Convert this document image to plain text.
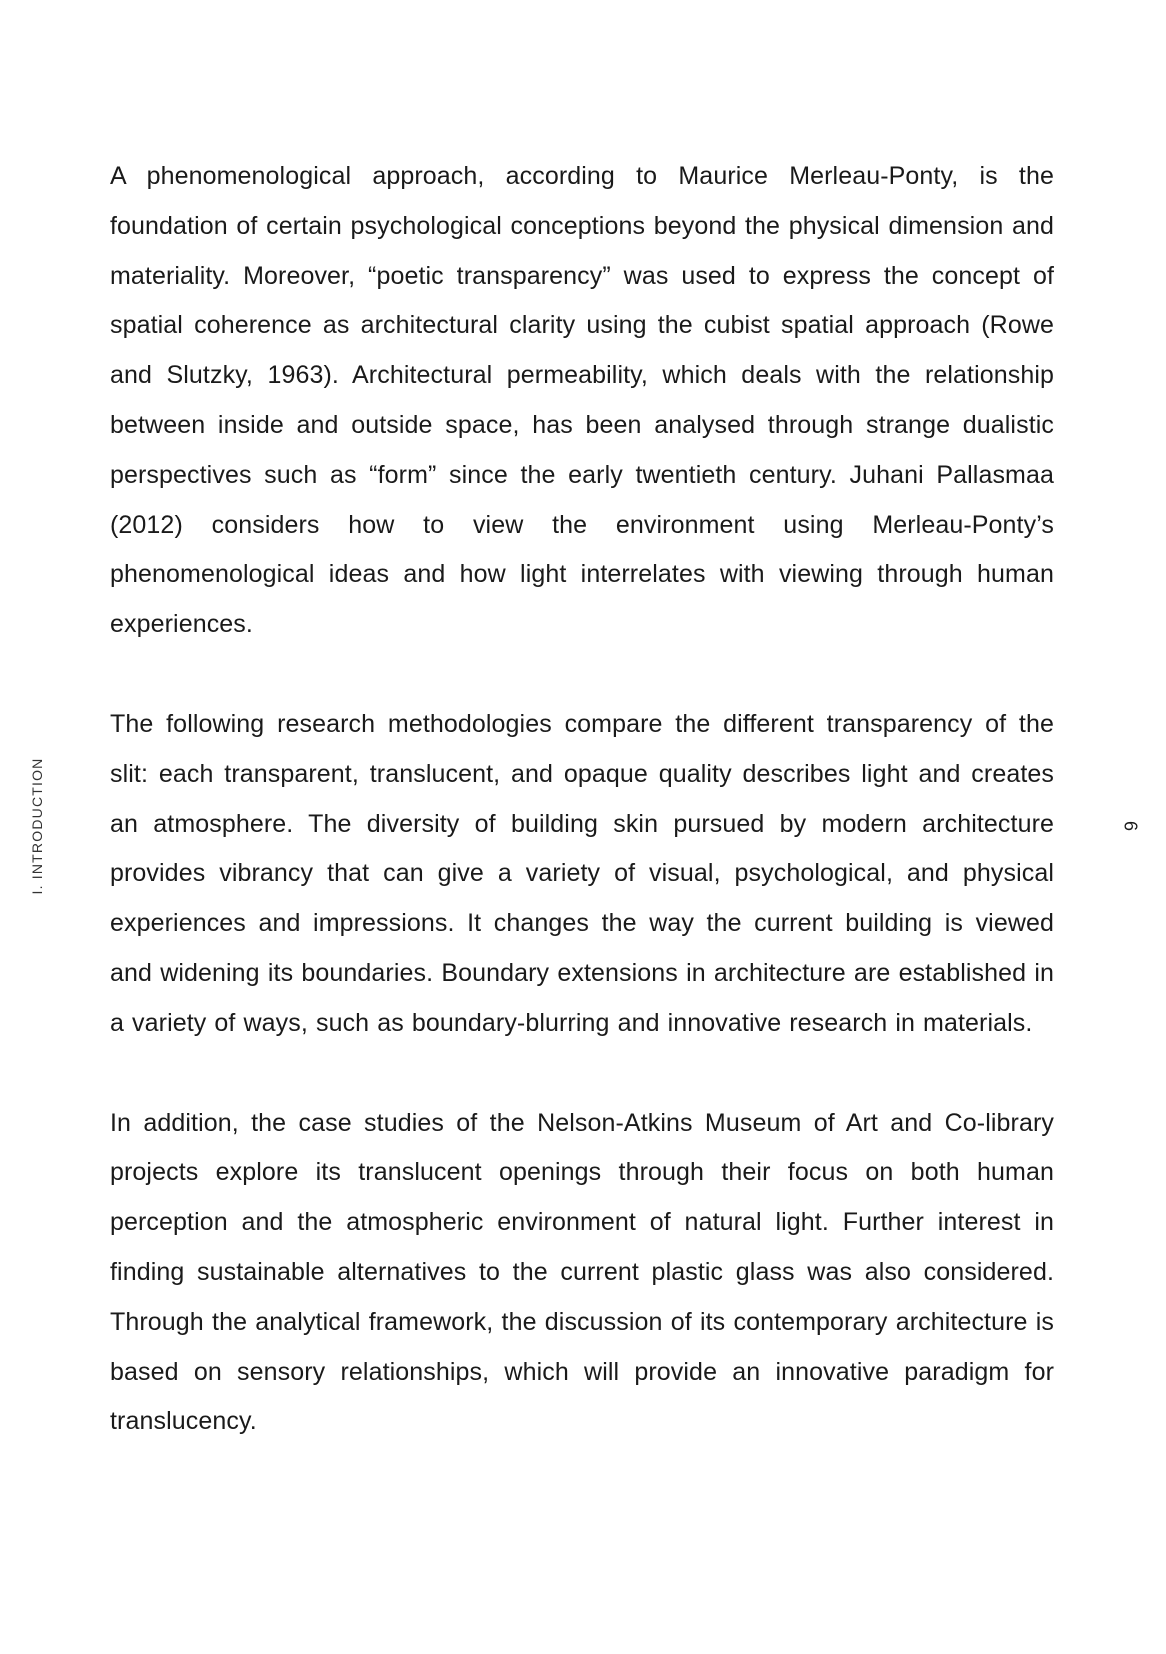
I. INTRODUCTION

A phenomenological approach, according to Maurice Merleau-Ponty, is the foundation of certain psychological conceptions beyond the physical dimension and materiality. Moreover, “poetic transparency” was used to express the concept of spatial coherence as architectural clarity using the cubist spatial approach (Rowe and Slutzky, 1963). Architectural permeability, which deals with the relationship between inside and outside space, has been analysed through strange dualistic perspectives such as “form” since the early twentieth century. Juhani Pallasmaa (2012) considers how to view the environment using Merleau-Ponty’s phenomenological ideas and how light interrelates with viewing through human experiences.

The following research methodologies compare the different transparency of the slit: each transparent, translucent, and opaque quality describes light and creates an atmosphere. The diversity of building skin pursued by modern architecture provides vibrancy that can give a variety of visual, psychological, and physical experiences and impressions. It changes the way the current building is viewed and widening its boundaries. Boundary extensions in architecture are established in a variety of ways, such as boundary-blurring and innovative research in materials.

In addition, the case studies of the Nelson-Atkins Museum of Art and Co-library projects explore its translucent openings through their focus on both human perception and the atmospheric environment of natural light. Further interest in finding sustainable alternatives to the current plastic glass was also considered. Through the analytical framework, the discussion of its contemporary architecture is based on sensory relationships, which will provide an innovative paradigm for translucency.

6
